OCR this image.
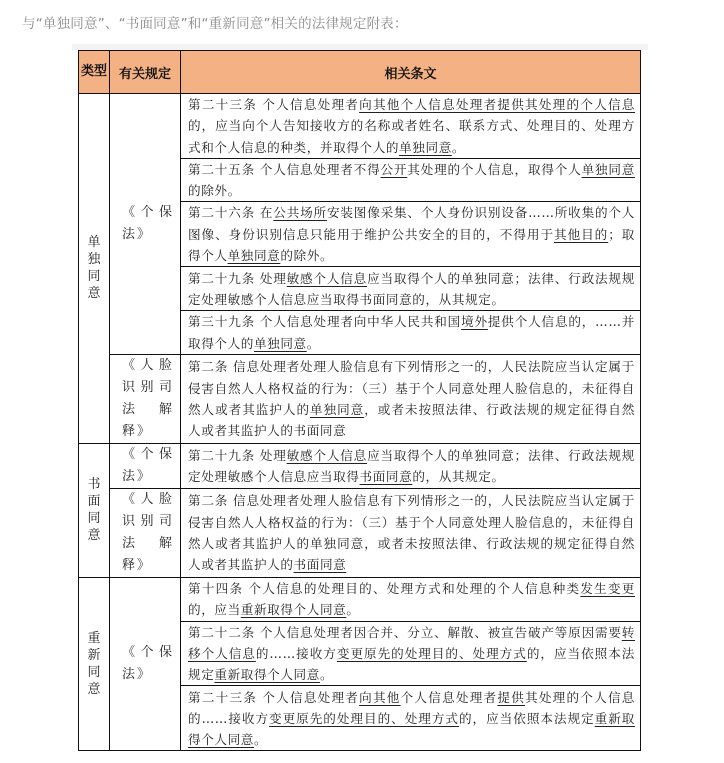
与“单独同意”、“书面同意”和“重新同意”相关的法律规定附表：
类型	有关规定	相关条文
单独同意	《个保法》	第二十三条 个人信息处理者向其他个人信息处理者提供其处理的个人信息的，应当向个人告知接收方的名称或者姓名、联系方式、处理目的、处理方式和个人信息的种类，并取得个人的单独同意。
		第二十五条 个人信息处理者不得公开其处理的个人信息，取得个人单独同意的除外。
		第二十六条 在公共场所安装图像采集、个人身份识别设备……所收集的个人图像、身份识别信息只能用于维护公共安全的目的，不得用于其他目的；取得个人单独同意的除外。
		第二十九条 处理敏感个人信息应当取得个人的单独同意；法律、行政法规规定处理敏感个人信息应当取得书面同意的，从其规定。
		第三十九条 个人信息处理者向中华人民共和国境外提供个人信息的，……并取得个人的单独同意。
	《人脸识别司法解释》	第二条 信息处理者处理人脸信息有下列情形之一的，人民法院应当认定属于侵害自然人人格权益的行为：（三）基于个人同意处理人脸信息的，未征得自然人或者其监护人的单独同意，或者未按照法律、行政法规的规定征得自然人或者其监护人的书面同意
书面同意	《个保法》	第二十九条 处理敏感个人信息应当取得个人的单独同意；法律、行政法规规定处理敏感个人信息应当取得书面同意的，从其规定。
	《人脸识别司法解释》	第二条 信息处理者处理人脸信息有下列情形之一的，人民法院应当认定属于侵害自然人人格权益的行为：（三）基于个人同意处理人脸信息的，未征得自然人或者其监护人的单独同意，或者未按照法律、行政法规的规定征得自然人或者其监护人的书面同意
重新同意	《个保法》	第十四条 个人信息的处理目的、处理方式和处理的个人信息种类发生变更的，应当重新取得个人同意。
		第二十二条 个人信息处理者因合并、分立、解散、被宣告破产等原因需要转移个人信息的……接收方变更原先的处理目的、处理方式的，应当依照本法规定重新取得个人同意。
		第二十三条 个人信息处理者向其他个人信息处理者提供其处理的个人信息的……接收方变更原先的处理目的、处理方式的，应当依照本法规定重新取得个人同意。
